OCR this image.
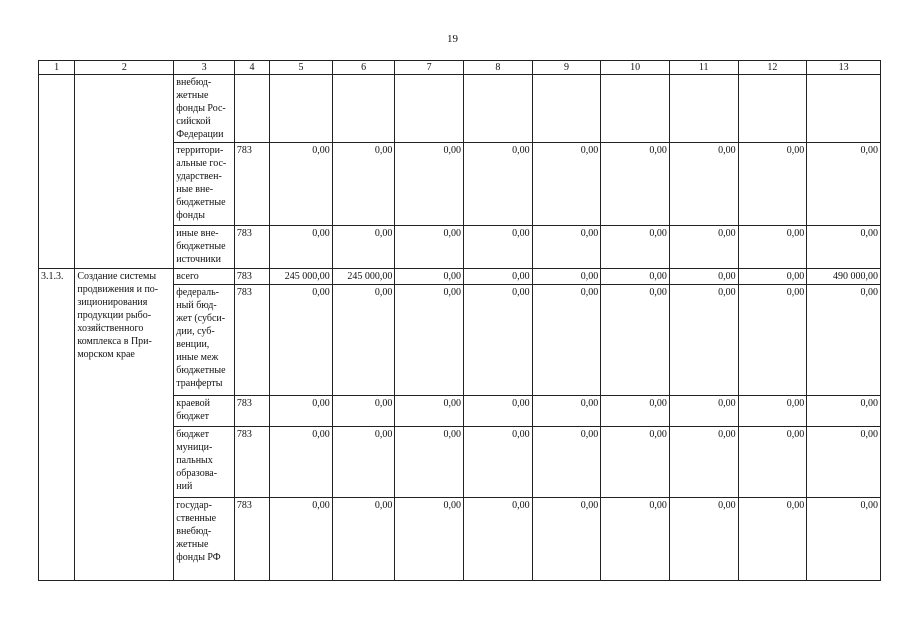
19
1	2	3	4	5	6	7	8	9	10	11	12	13
		внебюд-жетные фонды Рос-сийской Федерации										
		территори-альные гос-ударствен-ные вне-бюджетные фонды	783	0,00	0,00	0,00	0,00	0,00	0,00	0,00	0,00	0,00
		иные вне-бюджетные источники	783	0,00	0,00	0,00	0,00	0,00	0,00	0,00	0,00	0,00
3.1.3.	Создание системы продвижения и по-зиционирования продукции рыбо-хозяйственного комплекса в При-морском крае	всего	783	245 000,00	245 000,00	0,00	0,00	0,00	0,00	0,00	0,00	490 000,00
		федераль-ный бюд-жет (субси-дии, суб-венции, иные меж бюджетные транферты	783	0,00	0,00	0,00	0,00	0,00	0,00	0,00	0,00	0,00
		краевой бюджет	783	0,00	0,00	0,00	0,00	0,00	0,00	0,00	0,00	0,00
		бюджет муници-пальных образова-ний	783	0,00	0,00	0,00	0,00	0,00	0,00	0,00	0,00	0,00
		государ-ственные внебюд-жетные фонды РФ	783	0,00	0,00	0,00	0,00	0,00	0,00	0,00	0,00	0,00
